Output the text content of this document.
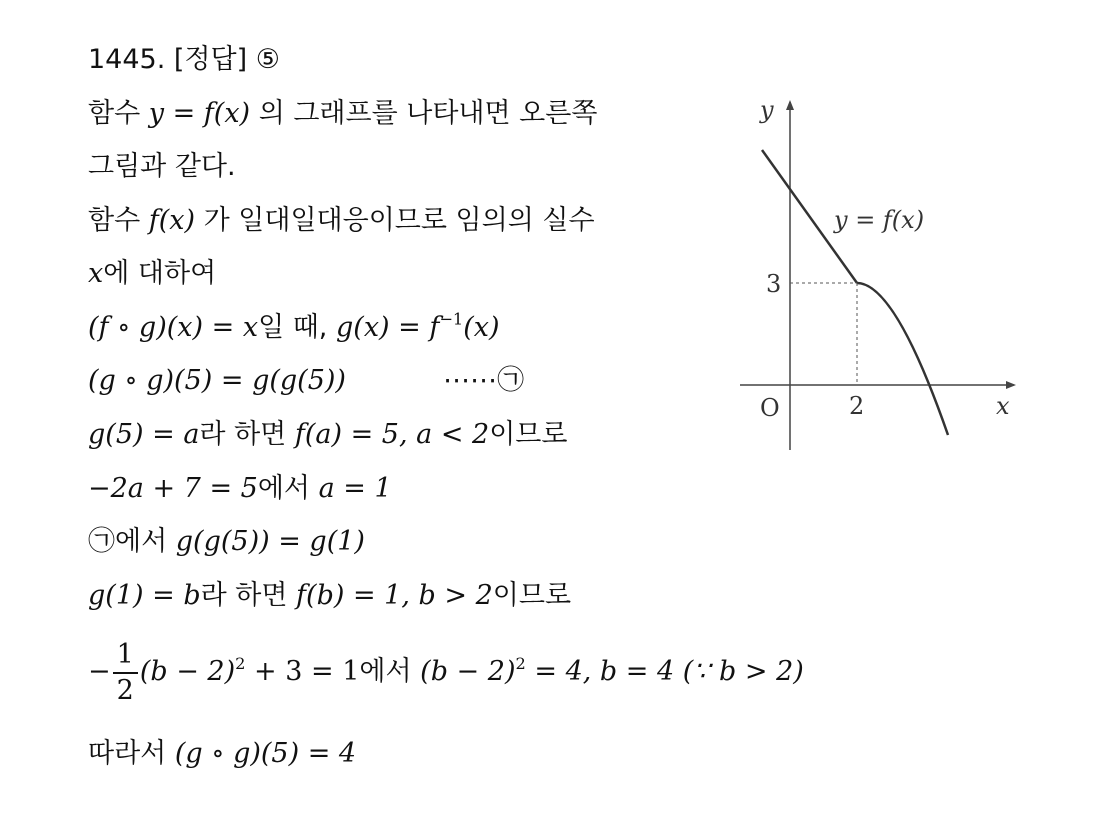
1445. [정답] ⑤
함수 y = f(x) 의 그래프를 나타내면 오른쪽
그림과 같다.
함수 f(x) 가 일대일대응이므로 임의의 실수
x에 대하여
(f ∘ g)(x) = x일 때, $g(x) = f^{-1}(x)$
(g ∘ g)(5) = g(g(5))	⋯⋯㉠
g(5) = a라 하면 f(a) = 5, a < 2이므로
−2a + 7 = 5에서 a = 1
㉠에서 g(g(5)) = g(1)
g(1) = b라 하면 f(b) = 1, b > 2이므로
− $\frac{1}{2} (b - 2)^2 + 3 = 1$에서 $(b - 2)^2 = 4$, b = 4 (∵ b > 2)
따라서 (g ∘ g)(5) = 4
y
x
O	2
3
y = f(x)
